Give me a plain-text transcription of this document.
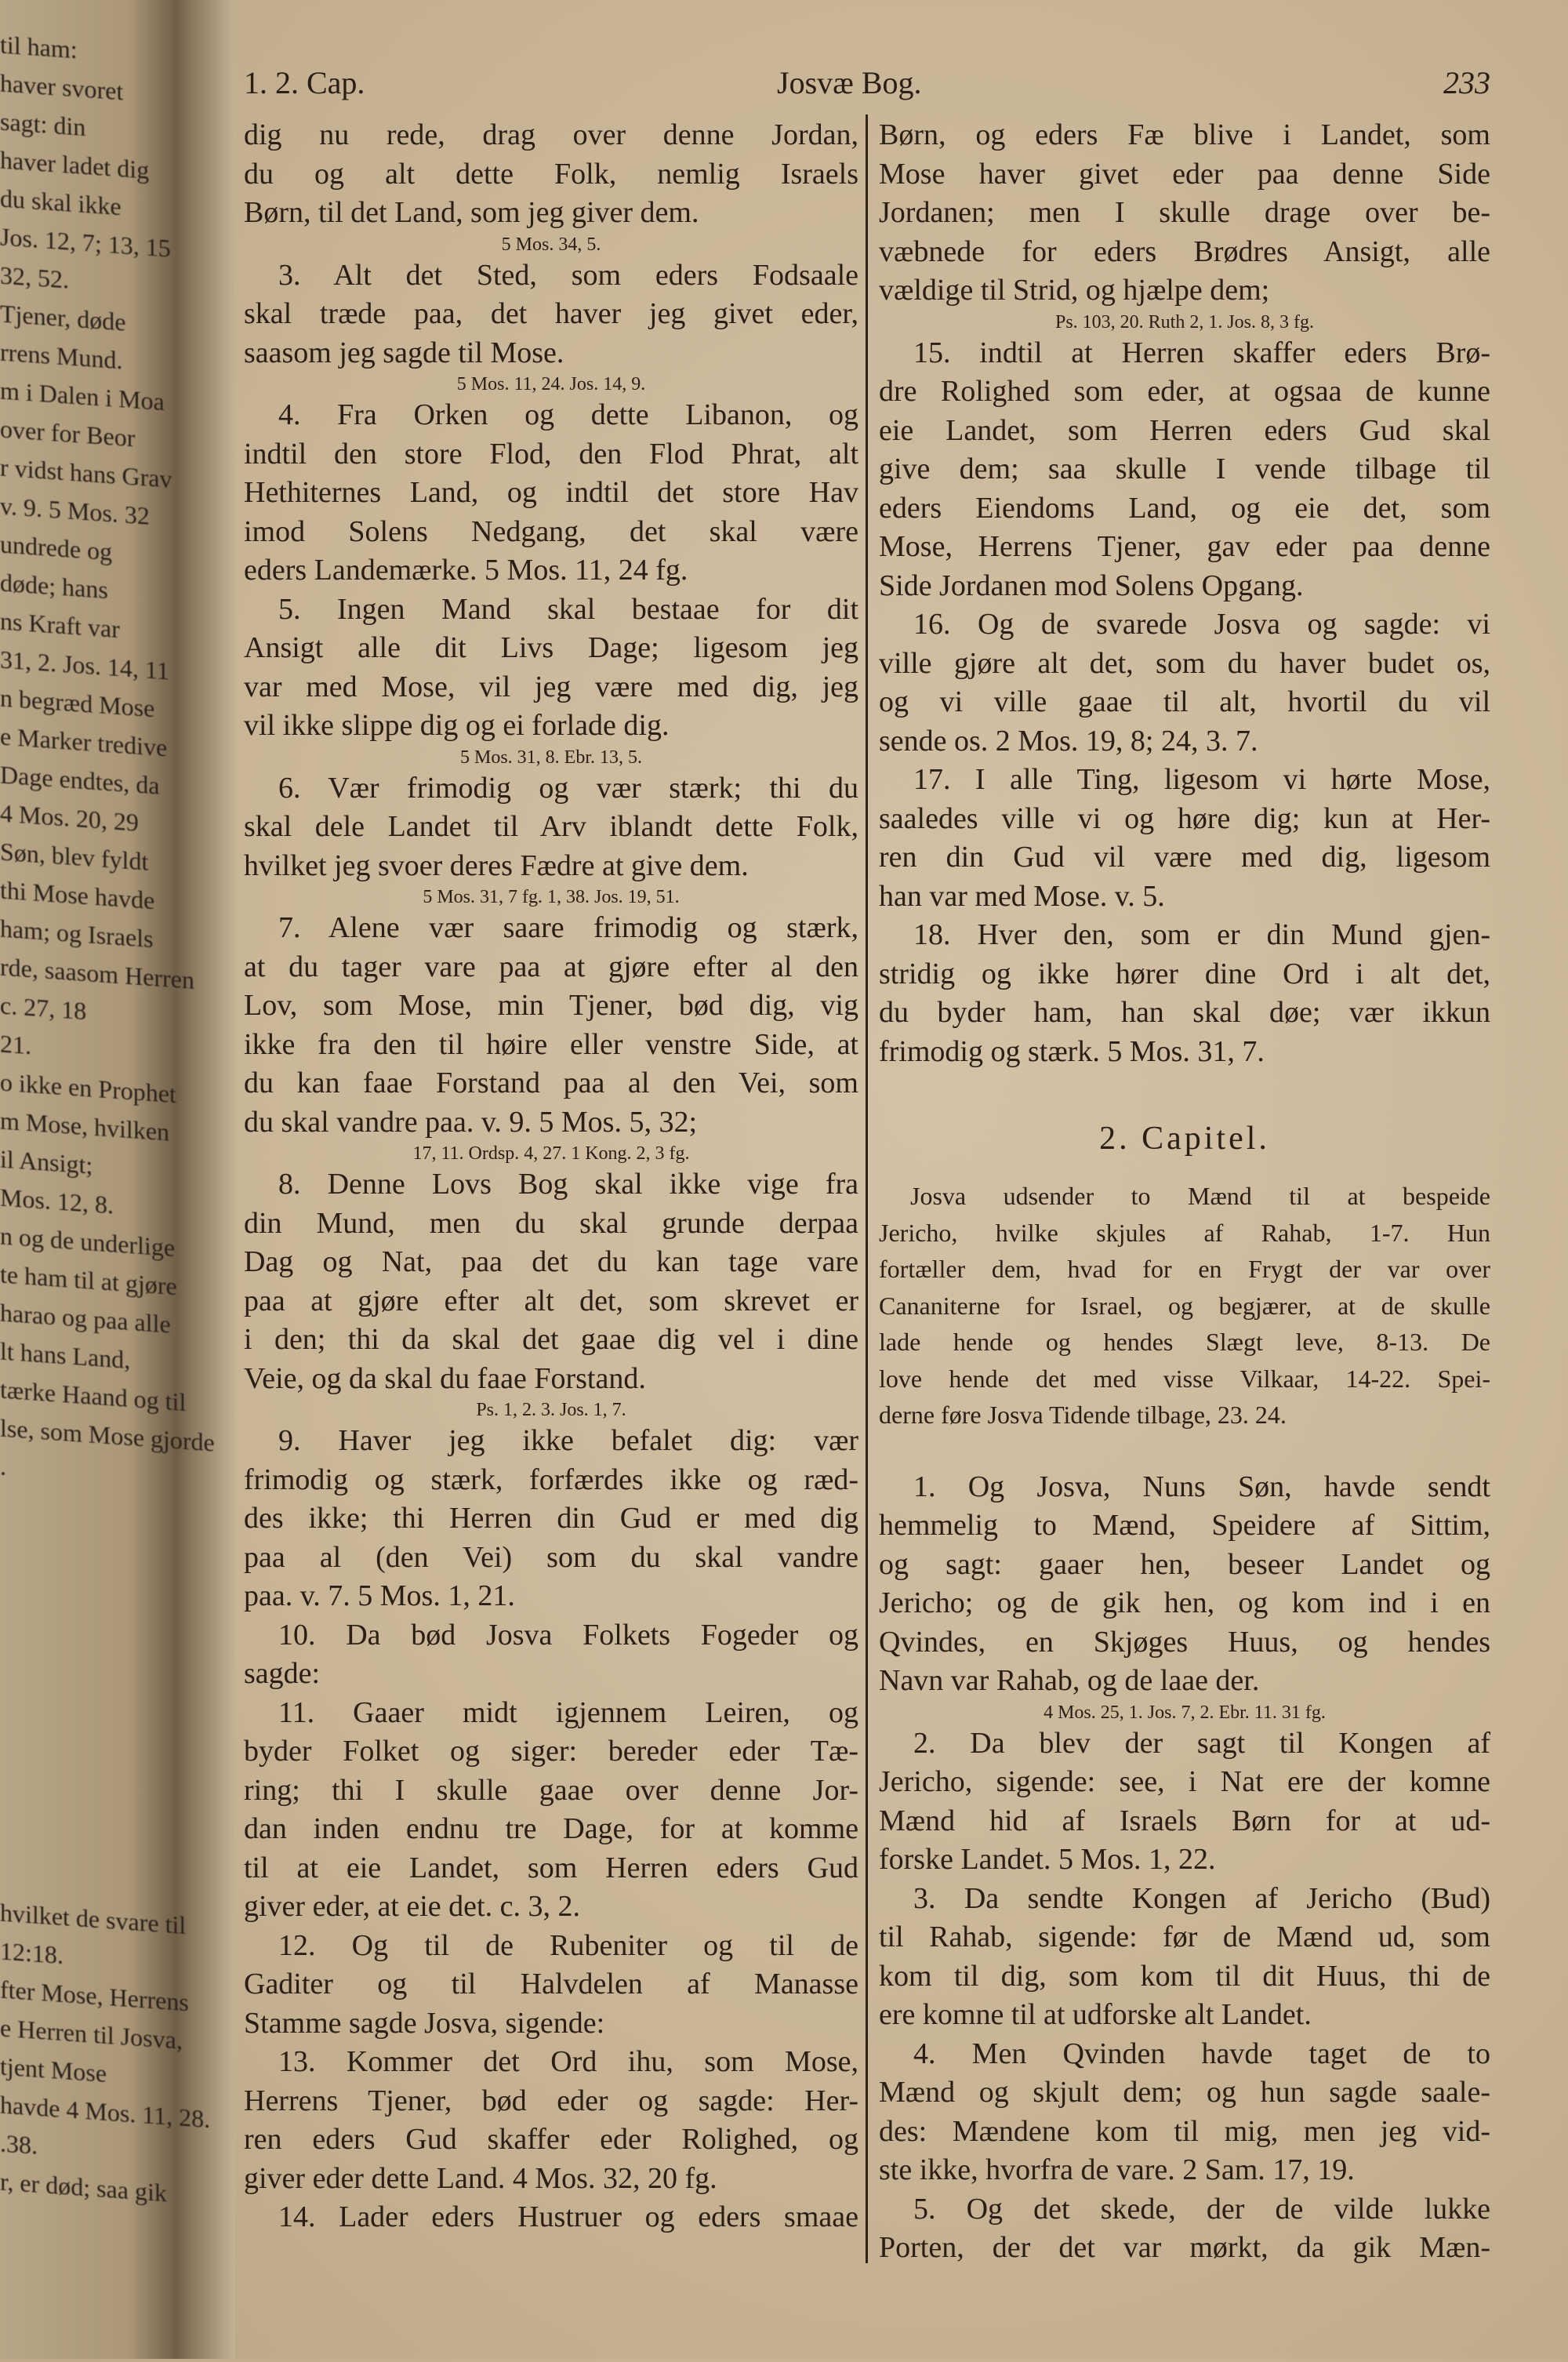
til ham:
haver svoret
sagt: din
haver ladet dig
du skal ikke
Jos. 12, 7; 13, 15
32, 52.
Tjener, døde
rrens Mund.
m i Dalen i Moa
over for Beor
r vidst hans Grav
v. 9. 5 Mos. 32
undrede og
døde; hans
ns Kraft var
31, 2. Jos. 14, 11
n begræd Mose
e Marker tredive
Dage endtes, da
4 Mos. 20, 29
Søn, blev fyldt
thi Mose havde
ham; og Israels
rde, saasom Herren
c. 27, 18
21.
o ikke en Prophet
m Mose, hvilken
il Ansigt;
Mos. 12, 8.
n og de underlige
te ham til at gjøre
harao og paa alle
lt hans Land,
tærke Haand og til
lse, som Mose gjorde
.
hvilket de svare til
12:18.
fter Mose, Herrens
e Herren til Josva,
tjent Mose
havde 4 Mos. 11, 28.
.38.
r, er død; saa gik
1. 2. Cap.	Josvæ Bog.	233
dig nu rede, drag over denne Jordan,
du og alt dette Folk, nemlig Israels
Børn, til det Land, som jeg giver dem.
5 Mos. 34, 5.
3. Alt det Sted, som eders Fodsaale
skal træde paa, det haver jeg givet eder,
saasom jeg sagde til Mose.
5 Mos. 11, 24. Jos. 14, 9.
4. Fra Orken og dette Libanon, og
indtil den store Flod, den Flod Phrat, alt
Hethiternes Land, og indtil det store Hav
imod Solens Nedgang, det skal være
eders Landemærke. 5 Mos. 11, 24 fg.
5. Ingen Mand skal bestaae for dit
Ansigt alle dit Livs Dage; ligesom jeg
var med Mose, vil jeg være med dig, jeg
vil ikke slippe dig og ei forlade dig.
5 Mos. 31, 8. Ebr. 13, 5.
6. Vær frimodig og vær stærk; thi du
skal dele Landet til Arv iblandt dette Folk,
hvilket jeg svoer deres Fædre at give dem.
5 Mos. 31, 7 fg. 1, 38. Jos. 19, 51.
7. Alene vær saare frimodig og stærk,
at du tager vare paa at gjøre efter al den
Lov, som Mose, min Tjener, bød dig, vig
ikke fra den til høire eller venstre Side, at
du kan faae Forstand paa al den Vei, som
du skal vandre paa. v. 9. 5 Mos. 5, 32;
17, 11. Ordsp. 4, 27. 1 Kong. 2, 3 fg.
8. Denne Lovs Bog skal ikke vige fra
din Mund, men du skal grunde derpaa
Dag og Nat, paa det du kan tage vare
paa at gjøre efter alt det, som skrevet er
i den; thi da skal det gaae dig vel i dine
Veie, og da skal du faae Forstand.
Ps. 1, 2. 3. Jos. 1, 7.
9. Haver jeg ikke befalet dig: vær
frimodig og stærk, forfærdes ikke og ræd-
des ikke; thi Herren din Gud er med dig
paa al (den Vei) som du skal vandre
paa. v. 7. 5 Mos. 1, 21.
10. Da bød Josva Folkets Fogeder og
sagde:
11. Gaaer midt igjennem Leiren, og
byder Folket og siger: bereder eder Tæ-
ring; thi I skulle gaae over denne Jor-
dan inden endnu tre Dage, for at komme
til at eie Landet, som Herren eders Gud
giver eder, at eie det. c. 3, 2.
12. Og til de Rubeniter og til de
Gaditer og til Halvdelen af Manasse
Stamme sagde Josva, sigende:
13. Kommer det Ord ihu, som Mose,
Herrens Tjener, bød eder og sagde: Her-
ren eders Gud skaffer eder Rolighed, og
giver eder dette Land. 4 Mos. 32, 20 fg.
14. Lader eders Hustruer og eders smaae
Børn, og eders Fæ blive i Landet, som
Mose haver givet eder paa denne Side
Jordanen; men I skulle drage over be-
væbnede for eders Brødres Ansigt, alle
vældige til Strid, og hjælpe dem;
Ps. 103, 20. Ruth 2, 1. Jos. 8, 3 fg.
15. indtil at Herren skaffer eders Brø-
dre Rolighed som eder, at ogsaa de kunne
eie Landet, som Herren eders Gud skal
give dem; saa skulle I vende tilbage til
eders Eiendoms Land, og eie det, som
Mose, Herrens Tjener, gav eder paa denne
Side Jordanen mod Solens Opgang.
16. Og de svarede Josva og sagde: vi
ville gjøre alt det, som du haver budet os,
og vi ville gaae til alt, hvortil du vil
sende os. 2 Mos. 19, 8; 24, 3. 7.
17. I alle Ting, ligesom vi hørte Mose,
saaledes ville vi og høre dig; kun at Her-
ren din Gud vil være med dig, ligesom
han var med Mose. v. 5.
18. Hver den, som er din Mund gjen-
stridig og ikke hører dine Ord i alt det,
du byder ham, han skal døe; vær ikkun
frimodig og stærk. 5 Mos. 31, 7.
2. Capitel.
Josva udsender to Mænd til at bespeide
Jericho, hvilke skjules af Rahab, 1-7. Hun
fortæller dem, hvad for en Frygt der var over
Cananiterne for Israel, og begjærer, at de skulle
lade hende og hendes Slægt leve, 8-13. De
love hende det med visse Vilkaar, 14-22. Spei-
derne føre Josva Tidende tilbage, 23. 24.
1. Og Josva, Nuns Søn, havde sendt
hemmelig to Mænd, Speidere af Sittim,
og sagt: gaaer hen, beseer Landet og
Jericho; og de gik hen, og kom ind i en
Qvindes, en Skjøges Huus, og hendes
Navn var Rahab, og de laae der.
4 Mos. 25, 1. Jos. 7, 2. Ebr. 11. 31 fg.
2. Da blev der sagt til Kongen af
Jericho, sigende: see, i Nat ere der komne
Mænd hid af Israels Børn for at ud-
forske Landet. 5 Mos. 1, 22.
3. Da sendte Kongen af Jericho (Bud)
til Rahab, sigende: før de Mænd ud, som
kom til dig, som kom til dit Huus, thi de
ere komne til at udforske alt Landet.
4. Men Qvinden havde taget de to
Mænd og skjult dem; og hun sagde saale-
des: Mændene kom til mig, men jeg vid-
ste ikke, hvorfra de vare. 2 Sam. 17, 19.
5. Og det skede, der de vilde lukke
Porten, der det var mørkt, da gik Mæn-
